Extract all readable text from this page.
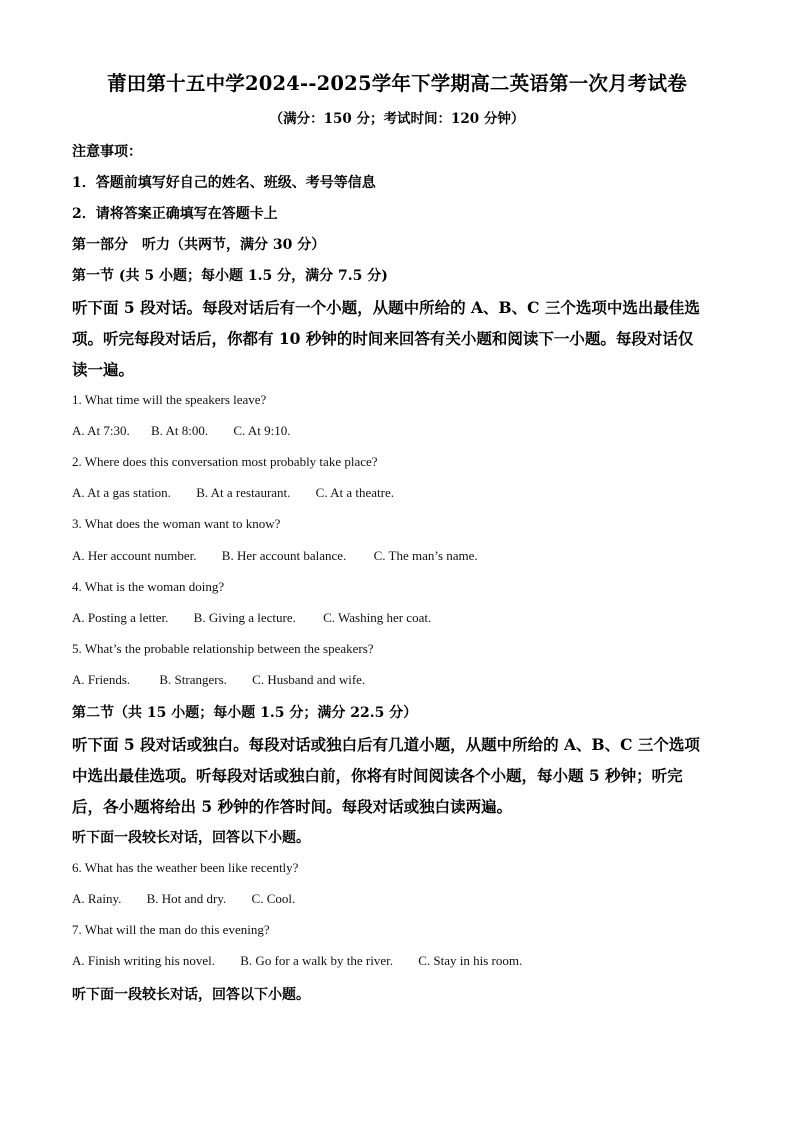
莆田第十五中学2024--2025学年下学期高二英语第一次月考试卷
（满分：150 分；考试时间：120 分钟）
注意事项：
1．答题前填写好自己的姓名、班级、考号等信息
2．请将答案正确填写在答题卡上
第一部分　听力（共两节，满分 30 分）
第一节 (共 5 小题；每小题 1.5 分，满分 7.5 分)
听下面 5 段对话。每段对话后有一个小题，从题中所给的 A、B、C 三个选项中选出最佳选
项。听完每段对话后，你都有 10 秒钟的时间来回答有关小题和阅读下一小题。每段对话仅
读一遍。
1. What time will the speakers leave?
A. At 7:30. B. At 8:00. C. At 9:10.
2. Where does this conversation most probably take place?
A. At a gas station. B. At a restaurant. C. At a theatre.
3. What does the woman want to know?
A. Her account number. B. Her account balance. C. The man’s name.
4. What is the woman doing?
A. Posting a letter. B. Giving a lecture. C. Washing her coat.
5. What’s the probable relationship between the speakers?
A. Friends. B. Strangers. C. Husband and wife.
第二节（共 15 小题；每小题 1.5 分；满分 22.5 分）
听下面 5 段对话或独白。每段对话或独白后有几道小题，从题中所给的 A、B、C 三个选项
中选出最佳选项。听每段对话或独白前，你将有时间阅读各个小题，每小题 5 秒钟；听完
后，各小题将给出 5 秒钟的作答时间。每段对话或独白读两遍。
听下面一段较长对话，回答以下小题。
6. What has the weather been like recently?
A. Rainy. B. Hot and dry. C. Cool.
7. What will the man do this evening?
A. Finish writing his novel. B. Go for a walk by the river. C. Stay in his room.
听下面一段较长对话，回答以下小题。
